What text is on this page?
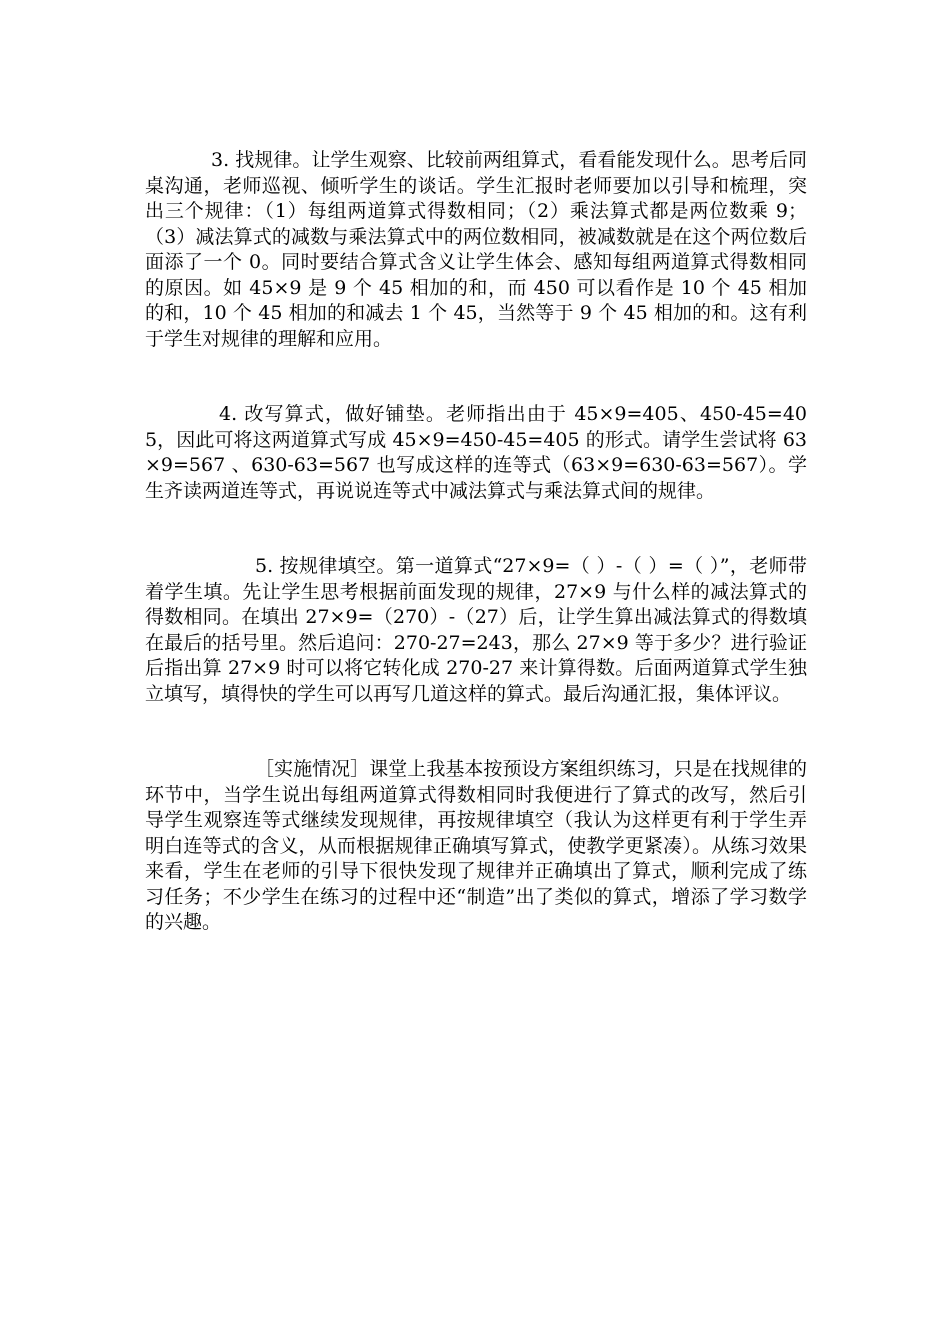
3. 找规律。让学生观察、比较前两组算式，看看能发现什么。思考后同桌沟通，老师巡视、倾听学生的谈话。学生汇报时老师要加以引导和梳理，突出三个规律：（1）每组两道算式得数相同；（2）乘法算式都是两位数乘 9；（3）减法算式的减数与乘法算式中的两位数相同，被减数就是在这个两位数后面添了一个 0。同时要结合算式含义让学生体会、感知每组两道算式得数相同的原因。如 45×9 是 9 个 45 相加的和，而 450 可以看作是 10 个 45 相加的和，10 个 45 相加的和减去 1 个 45，当然等于 9 个 45 相加的和。这有利于学生对规律的理解和应用。

4. 改写算式，做好铺垫。老师指出由于 45×9=405、450-45=405，因此可将这两道算式写成 45×9=450-45=405 的形式。请学生尝试将 63×9=567 、630-63=567 也写成这样的连等式（63×9=630-63=567）。学生齐读两道连等式，再说说连等式中减法算式与乘法算式间的规律。

5. 按规律填空。第一道算式“27×9=（ ）-（ ）=（ ）”，老师带着学生填。先让学生思考根据前面发现的规律，27×9 与什么样的减法算式的得数相同。在填出 27×9=（270）-（27）后，让学生算出减法算式的得数填在最后的括号里。然后追问：270-27=243，那么 27×9 等于多少？进行验证后指出算 27×9 时可以将它转化成 270-27 来计算得数。后面两道算式学生独立填写，填得快的学生可以再写几道这样的算式。最后沟通汇报，集体评议。

［实施情况］课堂上我基本按预设方案组织练习，只是在找规律的环节中，当学生说出每组两道算式得数相同时我便进行了算式的改写，然后引导学生观察连等式继续发现规律，再按规律填空（我认为这样更有利于学生弄明白连等式的含义，从而根据规律正确填写算式，使教学更紧凑）。从练习效果来看，学生在老师的引导下很快发现了规律并正确填出了算式，顺利完成了练习任务；不少学生在练习的过程中还“制造”出了类似的算式，增添了学习数学的兴趣。
